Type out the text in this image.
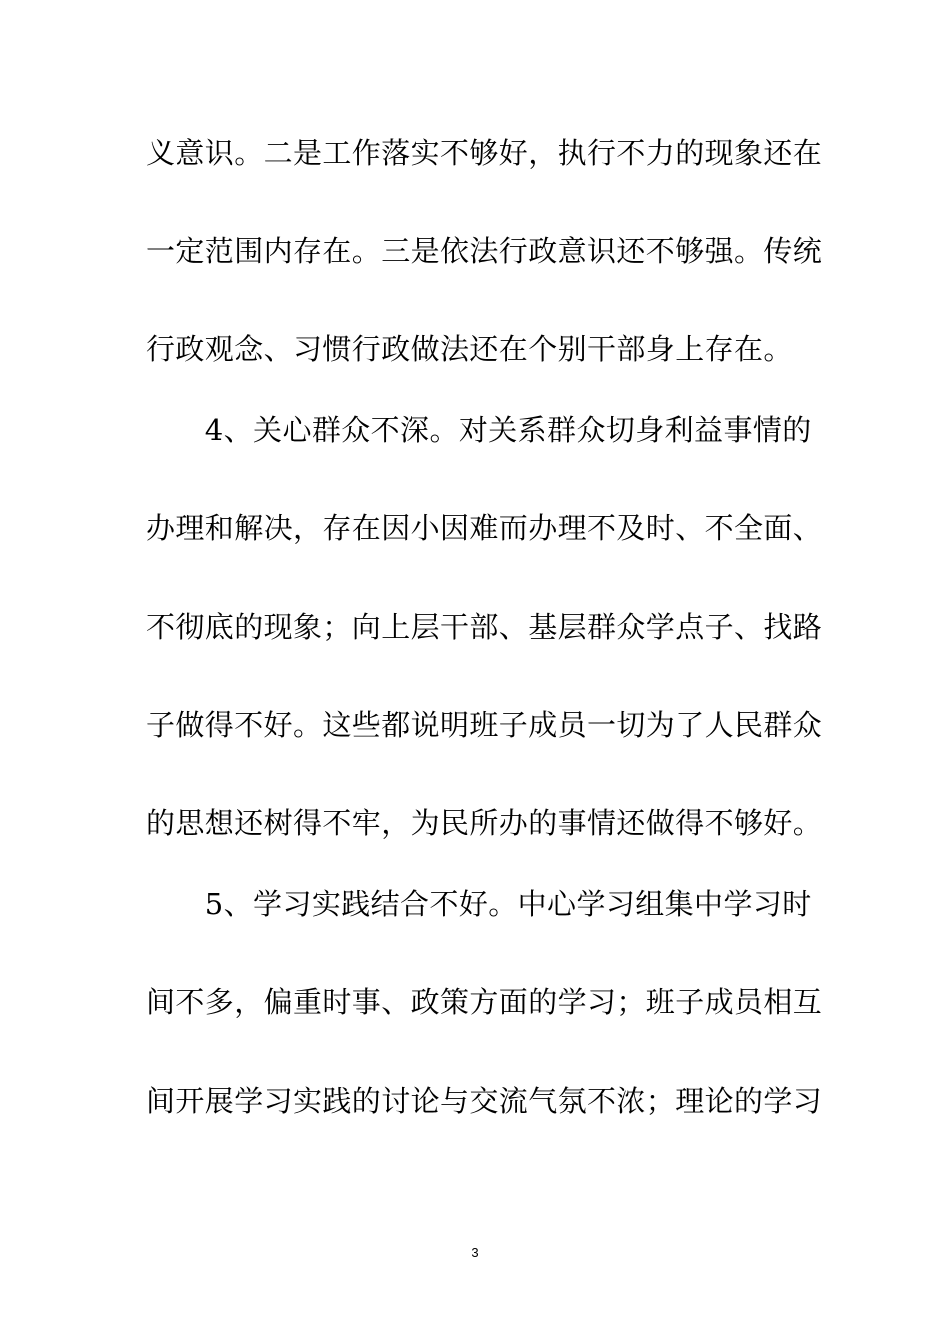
义意识。二是工作落实不够好，执行不力的现象还在
一定范围内存在。三是依法行政意识还不够强。传统
行政观念、习惯行政做法还在个别干部身上存在。
　　4、关心群众不深。对关系群众切身利益事情的
办理和解决，存在因小因难而办理不及时、不全面、
不彻底的现象；向上层干部、基层群众学点子、找路
子做得不好。这些都说明班子成员一切为了人民群众
的思想还树得不牢，为民所办的事情还做得不够好。
　　5、学习实践结合不好。中心学习组集中学习时
间不多，偏重时事、政策方面的学习；班子成员相互
间开展学习实践的讨论与交流气氛不浓；理论的学习
3
